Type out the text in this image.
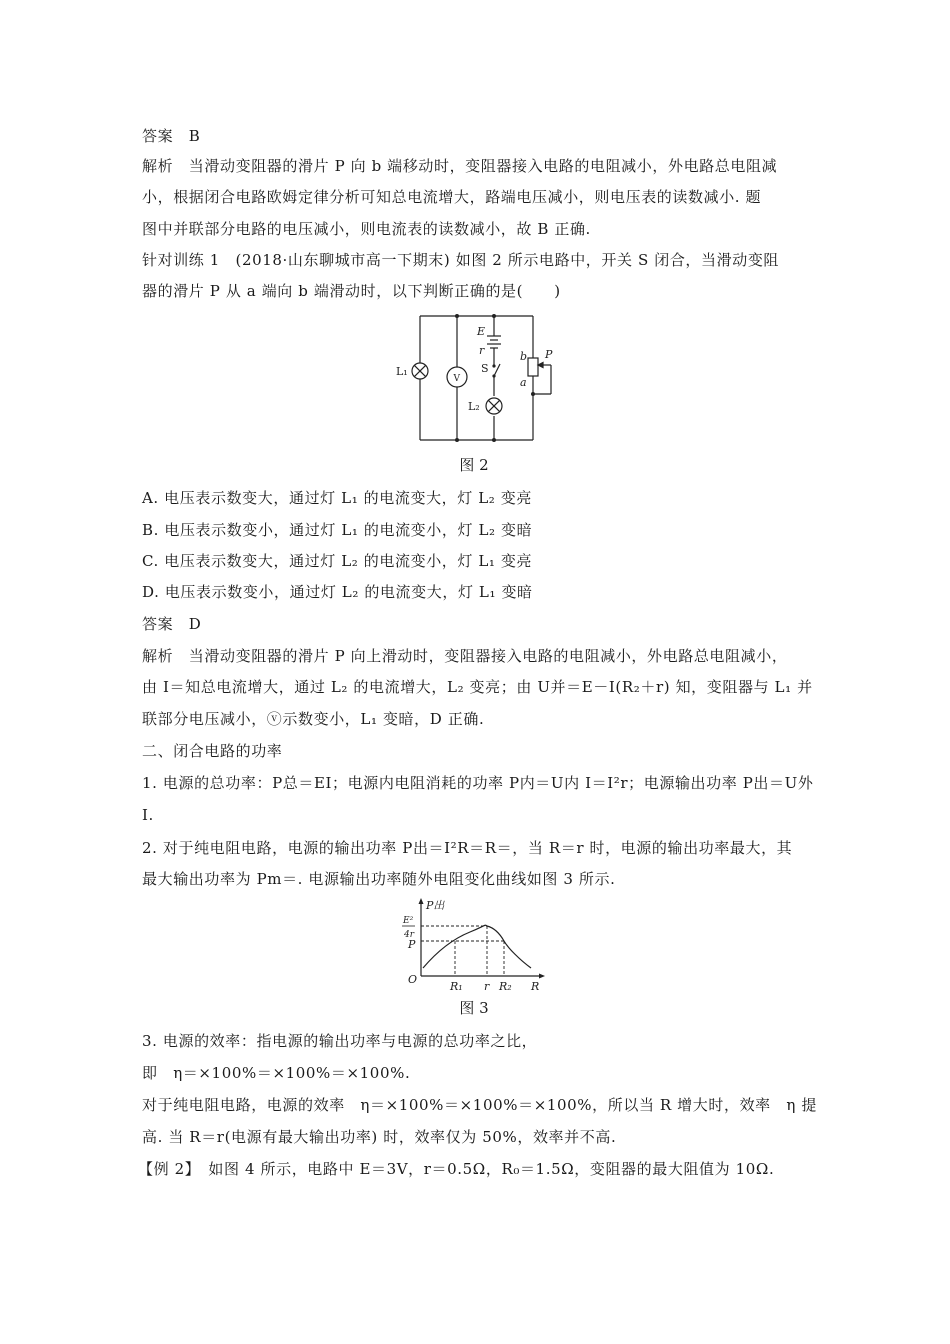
答案　B
解析　当滑动变阻器的滑片 P 向 b 端移动时，变阻器接入电路的电阻减小，外电路总电阻减
小，根据闭合电路欧姆定律分析可知总电流增大，路端电压减小，则电压表的读数减小. 题
图中并联部分电路的电压减小，则电流表的读数减小，故 B 正确.
针对训练 1　(2018·山东聊城市高一下期末) 如图 2 所示电路中，开关 S 闭合，当滑动变阻
器的滑片 P 从 a 端向 b 端滑动时，以下判断正确的是(　　)
L₁
V
E
r
S
L₂
b
a
P
图 2
A. 电压表示数变大，通过灯 L₁ 的电流变大，灯 L₂ 变亮
B. 电压表示数变小，通过灯 L₁ 的电流变小，灯 L₂ 变暗
C. 电压表示数变大，通过灯 L₂ 的电流变小，灯 L₁ 变亮
D. 电压表示数变小，通过灯 L₂ 的电流变大，灯 L₁ 变暗
答案　D
解析　当滑动变阻器的滑片 P 向上滑动时，变阻器接入电路的电阻减小，外电路总电阻减小，
由 I＝知总电流增大，通过 L₂ 的电流增大，L₂ 变亮；由 U并＝E－I(R₂＋r) 知，变阻器与 L₁ 并
联部分电压减小，ⓥ示数变小，L₁ 变暗，D 正确.
二、闭合电路的功率
1. 电源的总功率：P总＝EI；电源内电阻消耗的功率 P内＝U内 I＝I²r；电源输出功率 P出＝U外
I.
2. 对于纯电阻电路，电源的输出功率 P出＝I²R＝R＝，当 R＝r 时，电源的输出功率最大，其
最大输出功率为 Pm＝. 电源输出功率随外电阻变化曲线如图 3 所示.
P出
E²
4r
P
O
R₁ r R₂ R
图 3
3. 电源的效率：指电源的输出功率与电源的总功率之比，
即　η＝×100%＝×100%＝×100%.
对于纯电阻电路，电源的效率　η＝×100%＝×100%＝×100%，所以当 R 增大时，效率　η 提
高. 当 R＝r(电源有最大输出功率) 时，效率仅为 50%，效率并不高.
【例 2】　如图 4 所示，电路中 E＝3V，r＝0.5Ω，R₀＝1.5Ω，变阻器的最大阻值为 10Ω.
